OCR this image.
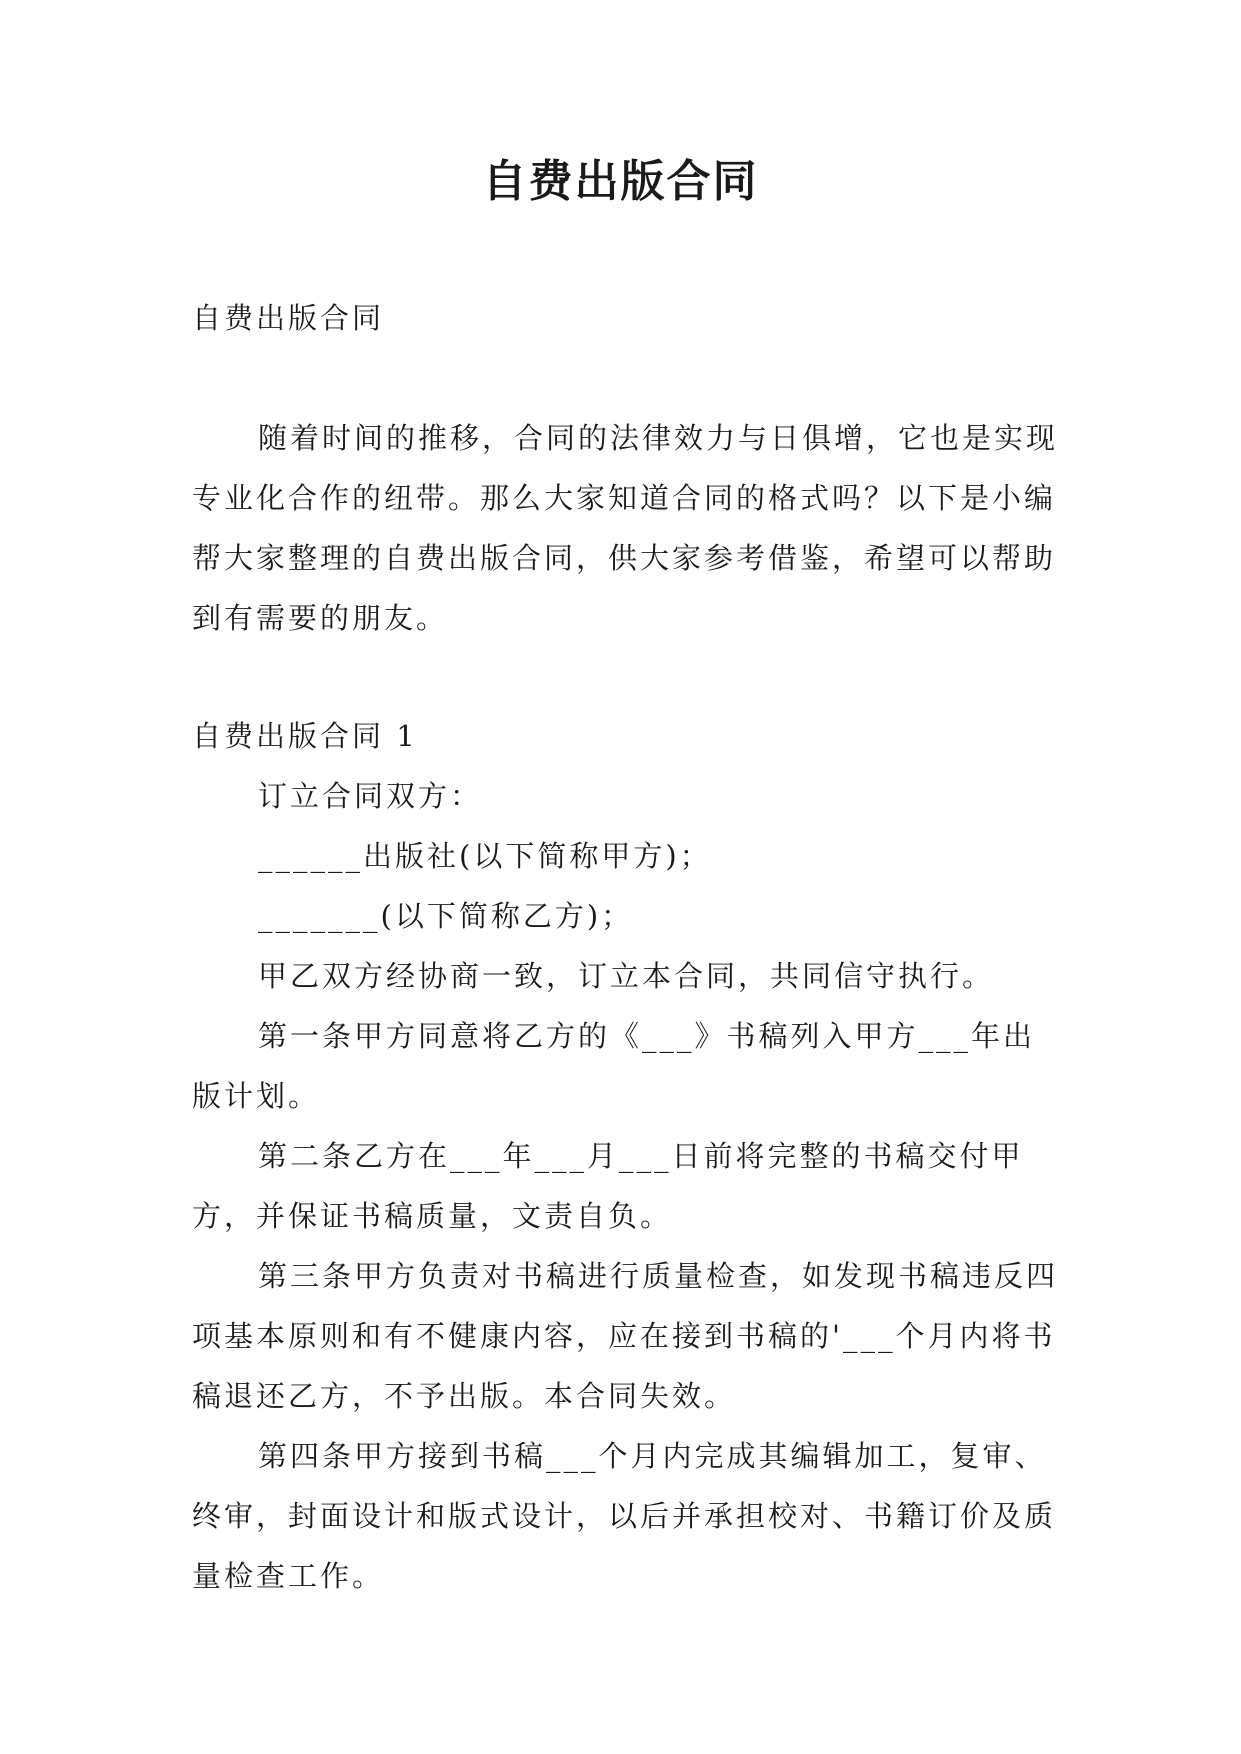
自费出版合同

自费出版合同

随着时间的推移，合同的法律效力与日俱增，它也是实现专业化合作的纽带。那么大家知道合同的格式吗？以下是小编帮大家整理的自费出版合同，供大家参考借鉴，希望可以帮助到有需要的朋友。

自费出版合同 1

订立合同双方：

______出版社(以下简称甲方)；

_______(以下简称乙方)；

甲乙双方经协商一致，订立本合同，共同信守执行。

第一条甲方同意将乙方的《___》书稿列入甲方___年出版计划。

第二条乙方在___年___月___日前将完整的书稿交付甲方，并保证书稿质量，文责自负。

第三条甲方负责对书稿进行质量检查，如发现书稿违反四项基本原则和有不健康内容，应在接到书稿的'___个月内将书稿退还乙方，不予出版。本合同失效。

第四条甲方接到书稿___个月内完成其编辑加工，复审、终审，封面设计和版式设计，以后并承担校对、书籍订价及质量检查工作。
